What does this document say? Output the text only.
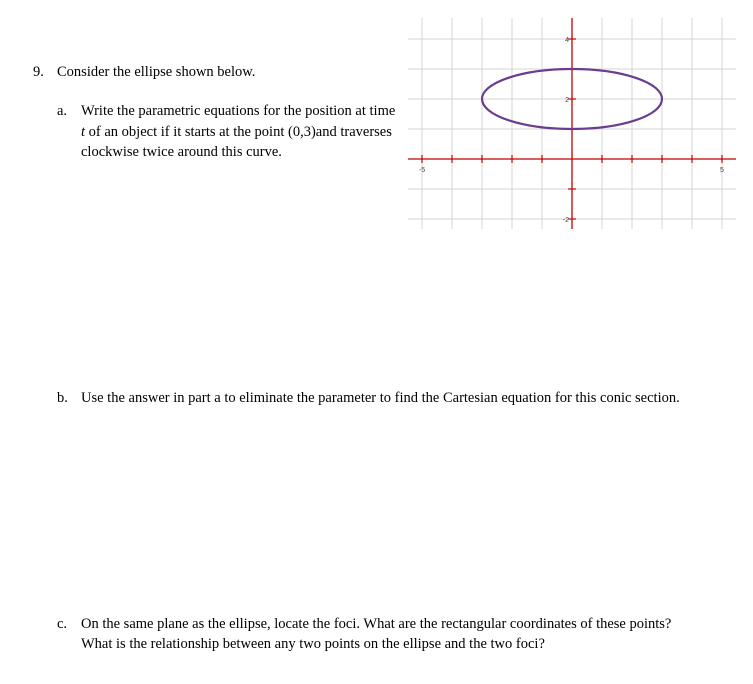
-5	5
4
2
-2
9. Consider the ellipse shown below.
a. Write the parametric equations for the position at time
t of an object if it starts at the point (0,3)and traverses
clockwise twice around this curve.
b. Use the answer in part a to eliminate the parameter to find the Cartesian equation for this conic section.
c. On the same plane as the ellipse, locate the foci. What are the rectangular coordinates of these points?
What is the relationship between any two points on the ellipse and the two foci?
